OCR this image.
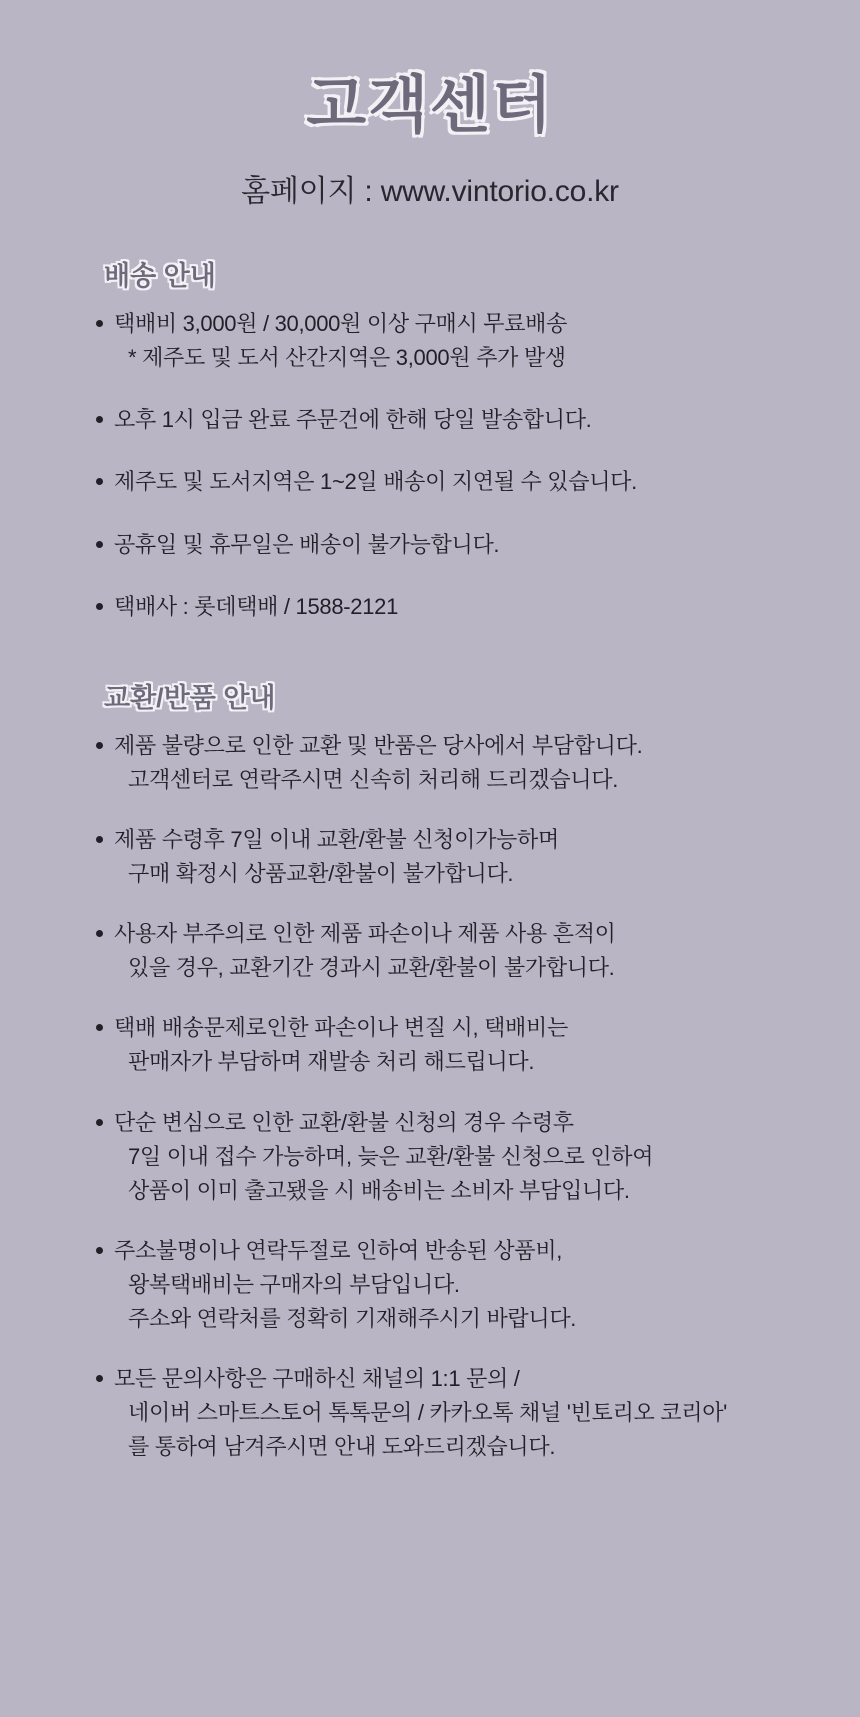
고객센터
홈페이지 : www.vintorio.co.kr
배송 안내
택배비 3,000원 / 30,000원 이상 구매시 무료배송
* 제주도 및 도서 산간지역은 3,000원 추가 발생
오후 1시 입금 완료 주문건에 한해 당일 발송합니다.
제주도 및 도서지역은 1~2일 배송이 지연될 수 있습니다.
공휴일 및 휴무일은 배송이 불가능합니다.
택배사 : 롯데택배 / 1588-2121
교환/반품 안내
제품 불량으로 인한 교환 및 반품은 당사에서 부담합니다.
고객센터로 연락주시면 신속히 처리해 드리겠습니다.
제품 수령후 7일 이내 교환/환불 신청이가능하며
구매 확정시 상품교환/환불이 불가합니다.
사용자 부주의로 인한 제품 파손이나 제품 사용 흔적이
있을 경우, 교환기간 경과시 교환/환불이 불가합니다.
택배 배송문제로인한 파손이나 변질 시, 택배비는
판매자가 부담하며 재발송 처리 해드립니다.
단순 변심으로 인한 교환/환불 신청의 경우 수령후
7일 이내 접수 가능하며, 늦은 교환/환불 신청으로 인하여
상품이 이미 출고됐을 시 배송비는 소비자 부담입니다.
주소불명이나 연락두절로 인하여 반송된 상품비,
왕복택배비는 구매자의 부담입니다.
주소와 연락처를 정확히 기재해주시기 바랍니다.
모든 문의사항은 구매하신 채널의 1:1 문의 /
네이버 스마트스토어 톡톡문의 / 카카오톡 채널 '빈토리오 코리아'
를 통하여 남겨주시면 안내 도와드리겠습니다.
